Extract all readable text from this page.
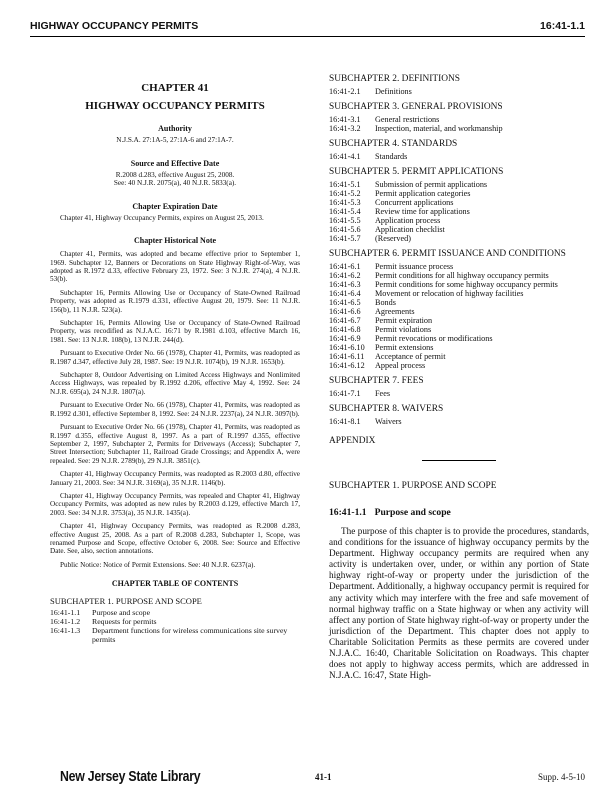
HIGHWAY OCCUPANCY PERMITS	16:41-1.1
CHAPTER 41
HIGHWAY OCCUPANCY PERMITS
Authority
N.J.S.A. 27:1A-5, 27:1A-6 and 27:1A-7.
Source and Effective Date
R.2008 d.283, effective August 25, 2008.
See: 40 N.J.R. 2075(a), 40 N.J.R. 5833(a).
Chapter Expiration Date
Chapter 41, Highway Occupancy Permits, expires on August 25, 2013.
Chapter Historical Note
Chapter 41, Permits, was adopted and became effective prior to September 1, 1969. Subchapter 12, Banners or Decorations on State Highway Right-of-Way, was adopted as R.1972 d.33, effective February 23, 1972. See: 3 N.J.R. 274(a), 4 N.J.R. 53(b).
Subchapter 16, Permits Allowing Use or Occupancy of State-Owned Railroad Property, was adopted as R.1979 d.331, effective August 20, 1979. See: 11 N.J.R. 156(b), 11 N.J.R. 523(a).
Subchapter 16, Permits Allowing Use or Occupancy of State-Owned Railroad Property, was recodified as N.J.A.C. 16:71 by R.1981 d.103, effective March 16, 1981. See: 13 N.J.R. 108(b), 13 N.J.R. 244(d).
Pursuant to Executive Order No. 66 (1978), Chapter 41, Permits, was readopted as R.1987 d.347, effective July 28, 1987. See: 19 N.J.R. 1074(b), 19 N.J.R. 1653(b).
Subchapter 8, Outdoor Advertising on Limited Access Highways and Nonlimited Access Highways, was repealed by R.1992 d.206, effective May 4, 1992. See: 24 N.J.R. 695(a), 24 N.J.R. 1807(a).
Pursuant to Executive Order No. 66 (1978), Chapter 41, Permits, was readopted as R.1992 d.301, effective September 8, 1992. See: 24 N.J.R. 2237(a), 24 N.J.R. 3097(b).
Pursuant to Executive Order No. 66 (1978), Chapter 41, Permits, was readopted as R.1997 d.355, effective August 8, 1997. As a part of R.1997 d.355, effective September 2, 1997, Subchapter 2, Permits for Driveways (Access); Subchapter 7, Street Intersection; Subchapter 11, Railroad Grade Crossings; and Appendix A, were repealed. See: 29 N.J.R. 2789(b), 29 N.J.R. 3851(c).
Chapter 41, Highway Occupancy Permits, was readopted as R.2003 d.80, effective January 21, 2003. See: 34 N.J.R. 3169(a), 35 N.J.R. 1146(b).
Chapter 41, Highway Occupancy Permits, was repealed and Chapter 41, Highway Occupancy Permits, was adopted as new rules by R.2003 d.129, effective March 17, 2003. See: 34 N.J.R. 3753(a), 35 N.J.R. 1435(a).
Chapter 41, Highway Occupancy Permits, was readopted as R.2008 d.283, effective August 25, 2008. As a part of R.2008 d.283, Subchapter 1, Scope, was renamed Purpose and Scope, effective October 6, 2008. See: Source and Effective Date. See, also, section annotations.
Public Notice: Notice of Permit Extensions. See: 40 N.J.R. 6237(a).
CHAPTER TABLE OF CONTENTS
SUBCHAPTER 1. PURPOSE AND SCOPE
16:41-1.1	Purpose and scope
16:41-1.2	Requests for permits
16:41-1.3	Department functions for wireless communications site survey permits
SUBCHAPTER 2. DEFINITIONS
16:41-2.1	Definitions
SUBCHAPTER 3. GENERAL PROVISIONS
16:41-3.1	General restrictions
16:41-3.2	Inspection, material, and workmanship
SUBCHAPTER 4. STANDARDS
16:41-4.1	Standards
SUBCHAPTER 5. PERMIT APPLICATIONS
16:41-5.1	Submission of permit applications
16:41-5.2	Permit application categories
16:41-5.3	Concurrent applications
16:41-5.4	Review time for applications
16:41-5.5	Application process
16:41-5.6	Application checklist
16:41-5.7	(Reserved)
SUBCHAPTER 6. PERMIT ISSUANCE AND CONDITIONS
16:41-6.1	Permit issuance process
16:41-6.2	Permit conditions for all highway occupancy permits
16:41-6.3	Permit conditions for some highway occupancy permits
16:41-6.4	Movement or relocation of highway facilities
16:41-6.5	Bonds
16:41-6.6	Agreements
16:41-6.7	Permit expiration
16:41-6.8	Permit violations
16:41-6.9	Permit revocations or modifications
16:41-6.10	Permit extensions
16:41-6.11	Acceptance of permit
16:41-6.12	Appeal process
SUBCHAPTER 7. FEES
16:41-7.1	Fees
SUBCHAPTER 8. WAIVERS
16:41-8.1	Waivers
APPENDIX
SUBCHAPTER 1. PURPOSE AND SCOPE
16:41-1.1 Purpose and scope
The purpose of this chapter is to provide the procedures, standards, and conditions for the issuance of highway occupancy permits by the Department. Highway occupancy permits are required when any activity is undertaken over, under, or within any portion of State highway right-of-way or property under the jurisdiction of the Department. Additionally, a highway occupancy permit is required for any activity which may interfere with the free and safe movement of normal highway traffic on a State highway or when any activity will affect any portion of State highway right-of-way or property under the jurisdiction of the Department. This chapter does not apply to Charitable Solicitation Permits as these permits are covered under N.J.A.C. 16:40, Charitable Solicitation on Roadways. This chapter does not apply to highway access permits, which are addressed in N.J.A.C. 16:47, State High-
New Jersey State Library	41-1	Supp. 4-5-10
